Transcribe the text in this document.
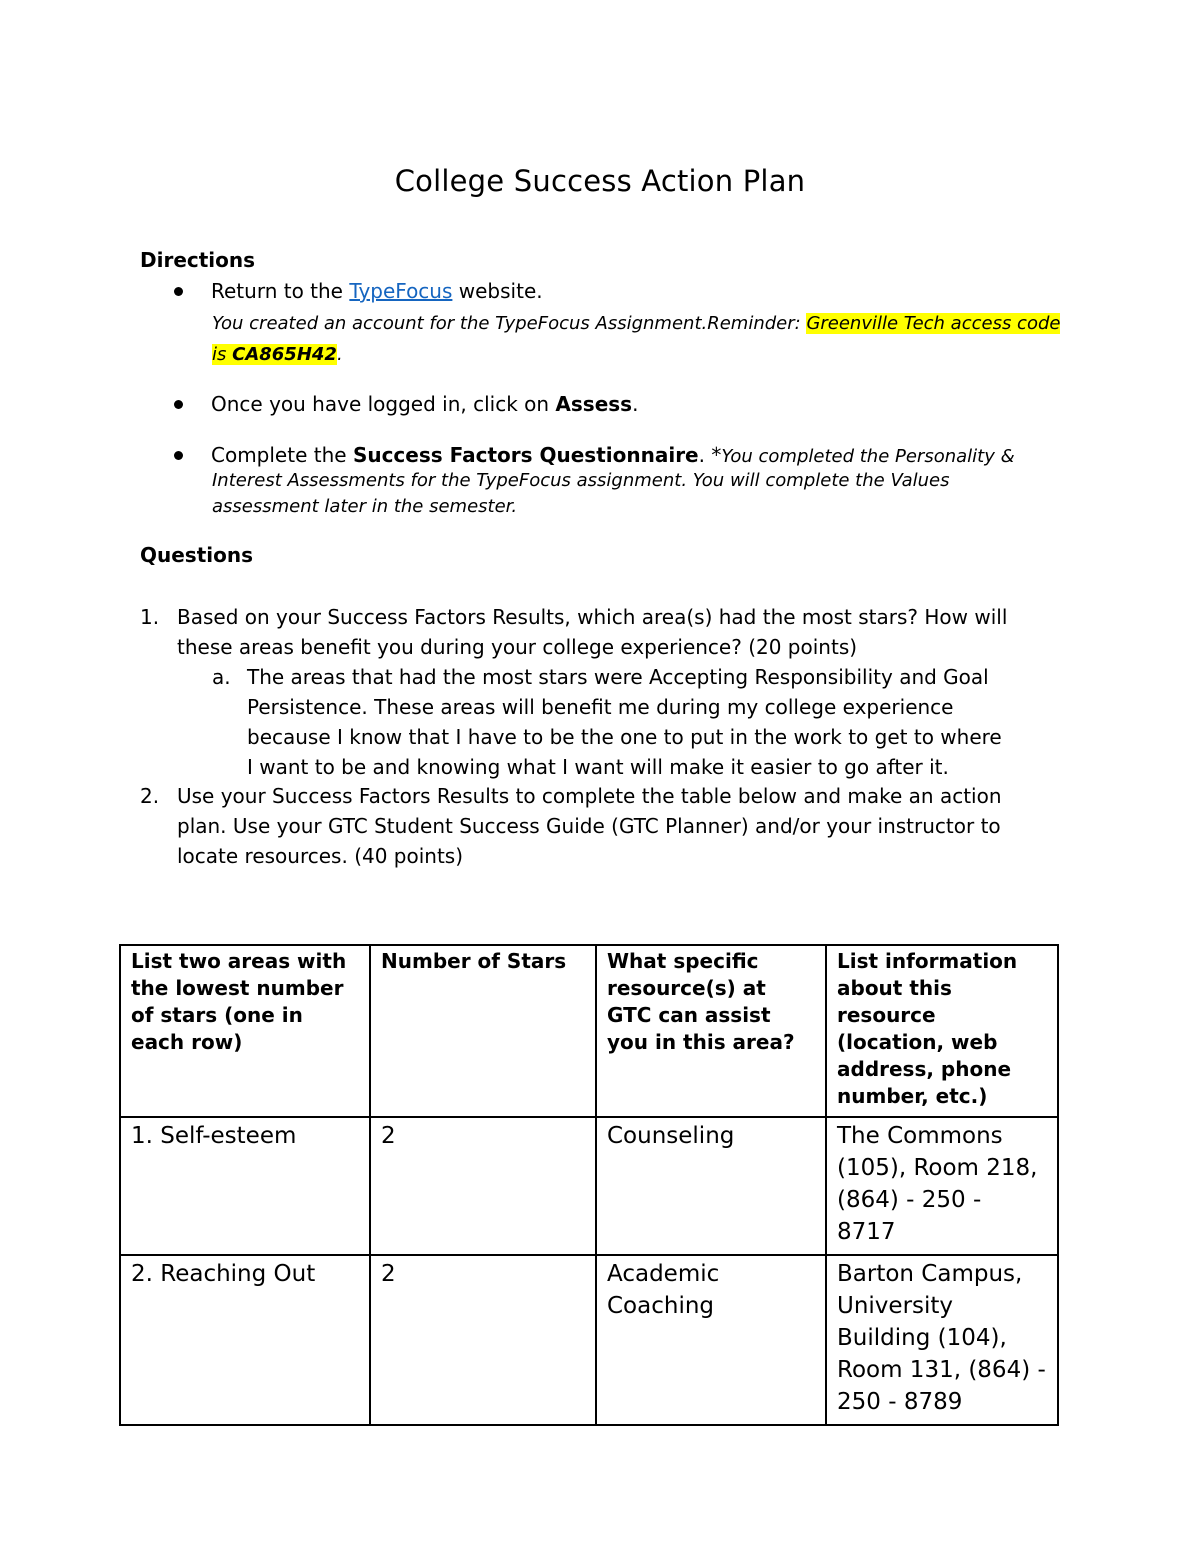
College Success Action Plan
Directions
Return to the TypeFocus website.
You created an account for the TypeFocus Assignment.Reminder: Greenville Tech access code
is CA865H42.
Once you have logged in, click on Assess.
Complete the Success Factors Questionnaire. *You completed the Personality &
Interest Assessments for the TypeFocus assignment. You will complete the Values
assessment later in the semester.
Questions
1. Based on your Success Factors Results, which area(s) had the most stars? How will
these areas benefit you during your college experience? (20 points)
a. The areas that had the most stars were Accepting Responsibility and Goal
Persistence. These areas will benefit me during my college experience
because I know that I have to be the one to put in the work to get to where
I want to be and knowing what I want will make it easier to go after it.
2. Use your Success Factors Results to complete the table below and make an action
plan. Use your GTC Student Success Guide (GTC Planner) and/or your instructor to
locate resources. (40 points)
List two areas with the lowest number of stars (one in each row)	Number of Stars	What specific resource(s) at GTC can assist you in this area?	List information about this resource (location, web address, phone number, etc.)
1. Self-esteem	2	Counseling	The Commons (105), Room 218, (864) - 250 - 8717
2. Reaching Out	2	Academic Coaching	Barton Campus, University Building (104), Room 131, (864) - 250 - 8789
